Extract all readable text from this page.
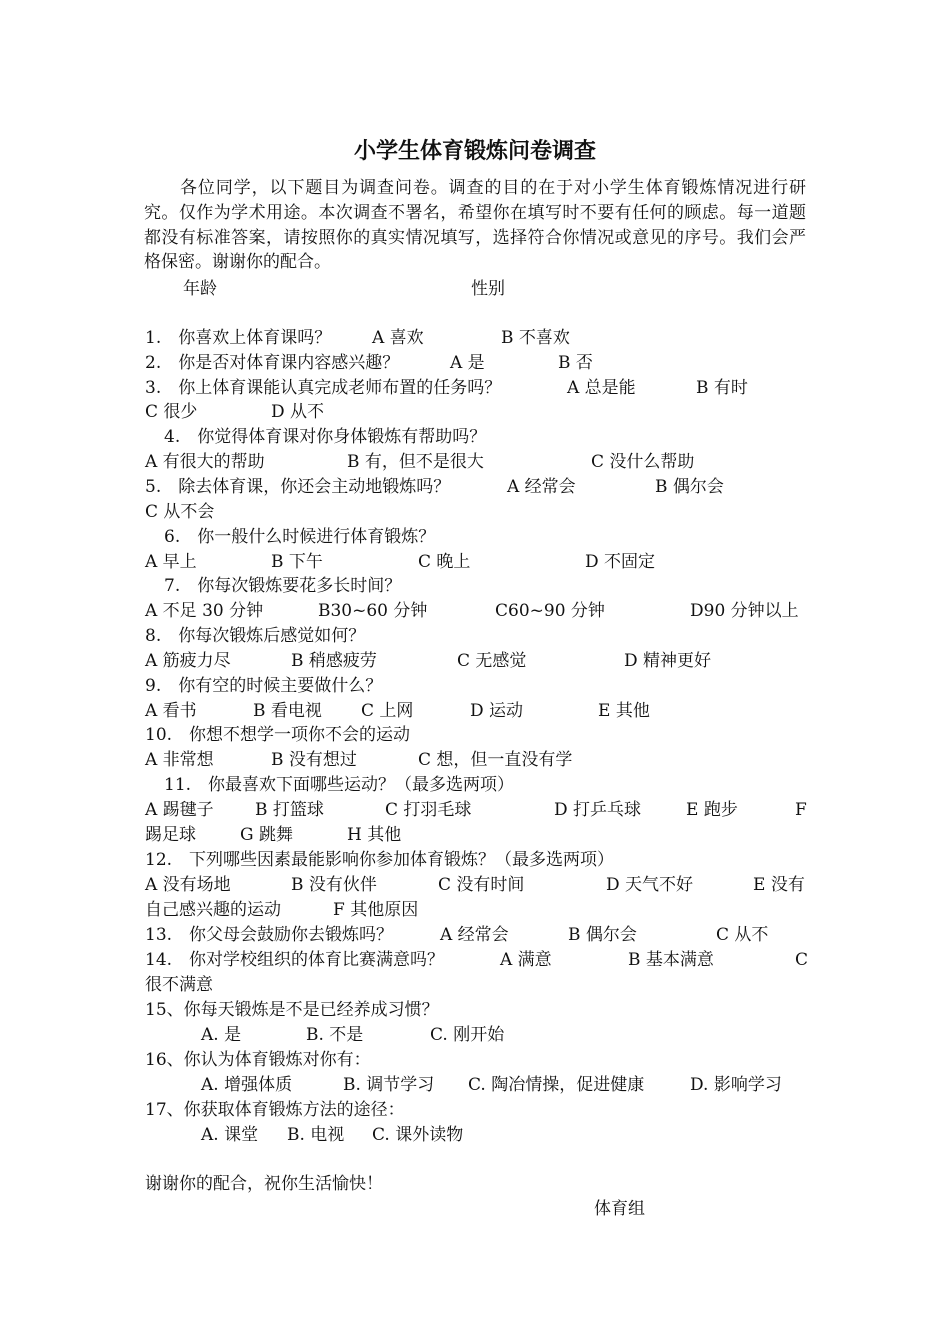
小学生体育锻炼问卷调查
各位同学，以下题目为调查问卷。调查的目的在于对小学生体育锻炼情况进行研究。仅作为学术用途。本次调查不署名，希望你在填写时不要有任何的顾虑。每一道题都没有标准答案，请按照你的真实情况填写，选择符合你情况或意见的序号。我们会严格保密。谢谢你的配合。
年龄	性别
1.　你喜欢上体育课吗？ A 喜欢	B 不喜欢
2.　你是否对体育课内容感兴趣？	A 是	B 否
3.　你上体育课能认真完成老师布置的任务吗？	A 总是能	B 有时
C 很少	D 从不
4.　你觉得体育课对你身体锻炼有帮助吗？
A 有很大的帮助	B 有，但不是很大	C 没什么帮助
5.　除去体育课，你还会主动地锻炼吗？	A 经常会	B 偶尔会
C 从不会
6.　你一般什么时候进行体育锻炼？
A 早上	B 下午	C 晚上	D 不固定
7.　你每次锻炼要花多长时间？
A 不足 30 分钟	B30~60 分钟	C60~90 分钟	D90 分钟以上
8.　你每次锻炼后感觉如何？
A 筋疲力尽	B 稍感疲劳	C 无感觉	D 精神更好
9.　你有空的时候主要做什么？
A 看书	B 看电视 C 上网	D 运动	E 其他
10.　你想不想学一项你不会的运动
A 非常想	B 没有想过	C 想，但一直没有学
11.　你最喜欢下面哪些运动？（最多选两项）
A 踢毽子 B 打篮球	C 打羽毛球	D 打乒乓球	E 跑步	F
踢足球	G 跳舞	H 其他
12.　下列哪些因素最能影响你参加体育锻炼？（最多选两项）
A 没有场地	B 没有伙伴	C 没有时间	D 天气不好	E 没有
自己感兴趣的运动	F 其他原因
13.　你父母会鼓励你去锻炼吗？	A 经常会	B 偶尔会	C 从不
14.　你对学校组织的体育比赛满意吗？	A 满意	B 基本满意	C
很不满意
15、你每天锻炼是不是已经养成习惯？
A. 是	B. 不是	C. 刚开始
16、你认为体育锻炼对你有：
A. 增强体质	B. 调节学习 C. 陶冶情操，促进健康	D. 影响学习
17、你获取体育锻炼方法的途径：
A. 课堂 B. 电视 C. 课外读物
谢谢你的配合，祝你生活愉快！
体育组
